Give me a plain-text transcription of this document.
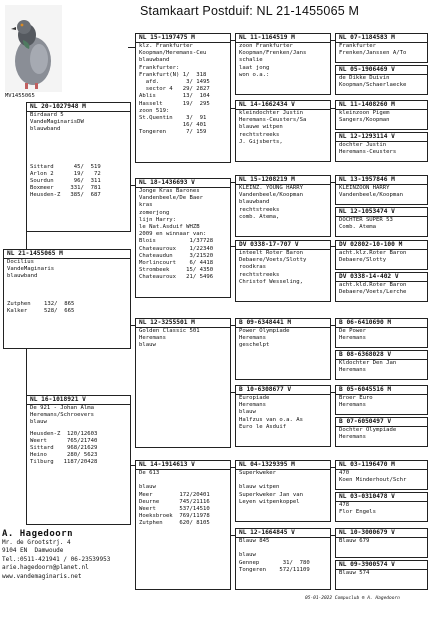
Stamkaart Postduif: NL 21-1455065 M
MV1455065
NL 21-1455065 M
Docilius
VandeMaginaris
blauwband
Zutphen    132/  865
Kalker     528/  665
NL 20-1027948 M
Birdaard 5
VandeMaginarisDW
blauwband
Sittard      45/  519
Arlon 2      19/   72
Sourdun      96/  311
Boxmeer     331/  781
Heusden-Z   385/  687
NL 16-1018921 V
De 921 - Johan Alma
Heremans/Schroevers
blauw
Heusden-Z  120/12603
Weert      765/21740
Sittard    968/21629
Heino      280/ 5623
Tilburg   1187/20428
NL 15-1197475 M
klz. Frankfurter
Koopman/Heremans-Ceu
blauwband
Frankfurter:
Frankfurt(N) 1/  318
afd.        3/ 1495
sector 4   29/ 2827
Ablis        13/  104
Hasselt      19/  295
zoon 519:
St.Quentin    3/  91
16/ 401
Tongeren      7/ 159
NL 18-1436693 V
Jonge Kras Barones
Vandenbeele/De Baer
kras
zomerjong
lijn Harry:
le Nat.Asduif WHZB
2009 en winnaar van:
Blois          1/37728
Chateauroux    1/22340
Chateaudun     3/21520
Morlincourt    6/ 4418
Strombeek     15/ 4350
Chateauroux   21/ 5496
NL 12-3255501 M
Golden Classic 501
Heremans
blauw
NL 14-1914613 V
De 613

blauw
Meer        172/20401
Deurne      745/21116
Weert       537/14510
Hoeksbroek  769/11978
Zutphen     620/ 8105
NL 11-1164519 M
zoon Frankfurter
Koopman/Frenken/Jans
schalie
laat jong
won o.a.:
NL 14-1662434 V
kleindochter Justin
Heremans-Ceusters/Sa
blauwe witpen
rechtstreeks
J. Gijsberts,
NL 15-1208219 M
KLEINZ. YOUNG HARRY
Vandenbeele/Koopman
blauwband
rechtstreeks
comb. Atema,
DV 0338-17-707 V
inteelt Roter Baron
Debaere/Voets/Slotty
roodkras
rechtstreeks
Christof Wesseling,
B 09-6348441 M
Power Olympiade
Heremans
geschelpt
B 10-6308677 V
Europiade
Heremans
blauw
Halfzus van o.a. As
Euro le Asduif
NL 04-1329395 M
Superkweker

blauw witpen
Superkweker Jan van
Leyen witpenkoppel
NL 12-1664845 V
Blauw 845

blauw
Gennep       31/  780
Tongeren    572/11109
NL 07-1184583 M
Frankfurter
Frenken/Janssen A/To
NL 05-1906469 V
de Dikke Duivin
Koopman/Schaerlaecke
NL 11-1408260 M
kleinzoon Pigem
Sangers/Koopman
NL 12-1293114 V
dochter Justin
Heremans-Ceusters
NL 13-1957846 M
KLEINZOON HARRY
Vandenbeele/Koopman
NL 12-1053474 V
DOCHTER SUPER 53
Comb. Atema
DV 02802-10-100 M
acht.klz.Roter Baron
Debaere/Slotty
DV 0338-14-402 V
acht.kld.Roter Baron
Debaere/Voets/Lerche
B 06-6410690 M
De Power
Heremans
B 08-6368028 V
Kldochter Den Jan
Heremans
B 05-6045516 M
Broer Euro
Heremans
B 07-6050497 V
Dochter Olympiade
Heremans
NL 03-1196470 M
470
Koen Minderhout/Schr
NL 03-0310478 V
478
Flor Engels
NL 10-3000679 V
Blauw 679
NL 09-3900574 V
Blauw 574
A. Hagedoorn
Mr. de Grootstrj. 4
9104 EN  Damwoude
Tel.:0511-421941 / 06-23539953
arie.hagedoorn@planet.nl
www.vandemaginaris.net
05-01-2022 Compuclub ® A. Hagedoorn
